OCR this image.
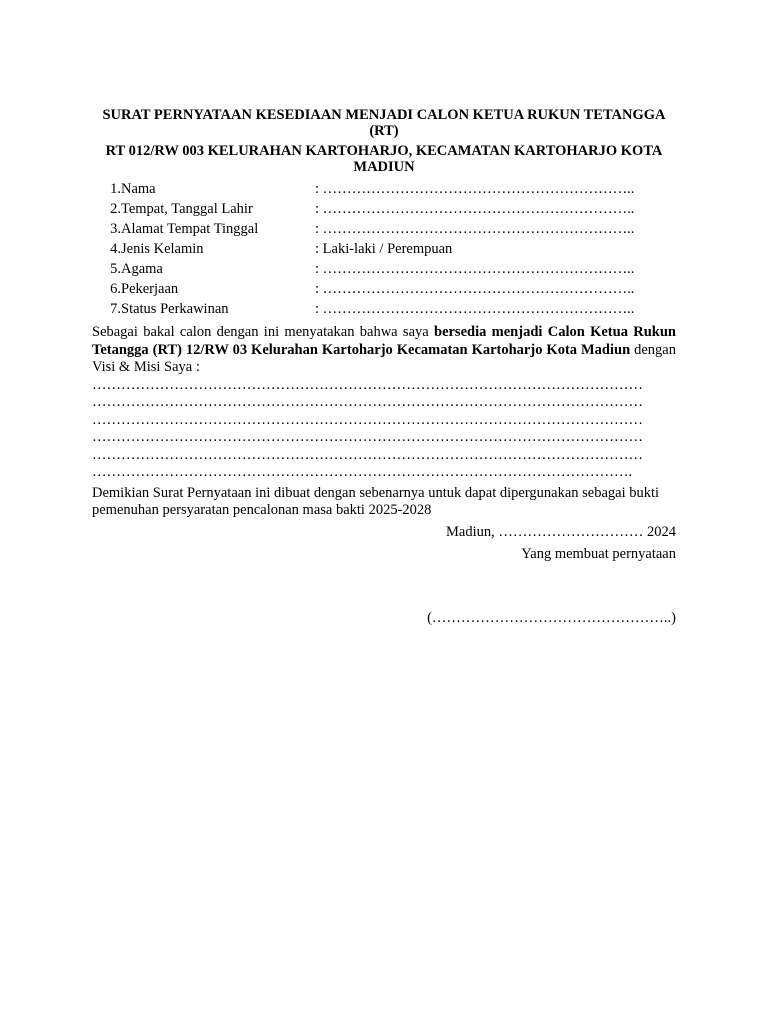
SURAT PERNYATAAN KESEDIAAN MENJADI CALON KETUA RUKUN TETANGGA (RT)

RT 012/RW 003 KELURAHAN KARTOHARJO, KECAMATAN KARTOHARJO KOTA MADIUN

1. Nama	: ………………………………………………………..
2. Tempat, Tanggal Lahir	: ………………………………………………………..
3. Alamat Tempat Tinggal	: ………………………………………………………..
4. Jenis Kelamin	: Laki-laki / Perempuan
5. Agama	: ………………………………………………………..
6. Pekerjaan	: ………………………………………………………..
7. Status Perkawinan	: ………………………………………………………..

Sebagai bakal calon dengan ini menyatakan bahwa saya bersedia menjadi Calon Ketua Rukun Tetangga (RT) 12/RW 03 Kelurahan Kartoharjo Kecamatan Kartoharjo Kota Madiun dengan Visi & Misi Saya :

……………………………………………………………………………………………………
……………………………………………………………………………………………………
……………………………………………………………………………………………………
……………………………………………………………………………………………………
……………………………………………………………………………………………………
………………………………………………………………………………………………….

Demikian Surat Pernyataan ini dibuat dengan sebenarnya untuk dapat dipergunakan sebagai bukti pemenuhan persyaratan pencalonan masa bakti 2025-2028

Madiun, ………………………… 2024

Yang membuat pernyataan

(…………………………………………..)
